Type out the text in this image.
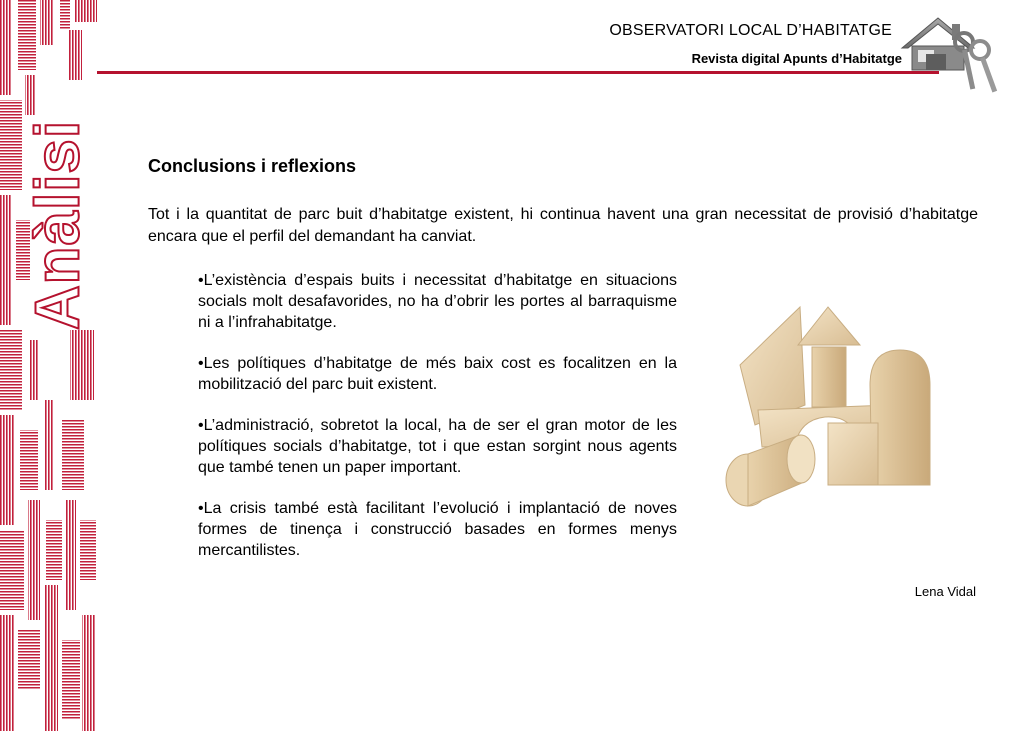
Anàlisi
OBSERVATORI LOCAL D’HABITATGE
Revista digital Apunts d’Habitatge
Conclusions i reflexions
Tot i la quantitat de parc buit d’habitatge existent, hi continua havent una gran necessitat de provisió d’habitatge encara que el perfil del demandant ha canviat.

•L’existència d’espais buits i necessitat d’habitatge en situacions socials molt desafavorides, no ha d’obrir les portes al barraquisme ni a l’infrahabitatge.

•Les polítiques d’habitatge de més baix cost es focalitzen en la mobilització del parc buit existent.

•L’administració, sobretot la local, ha de ser el gran motor de les polítiques socials d’habitatge, tot i que estan sorgint nous agents que també tenen un paper important.

•La crisis també està facilitant l’evolució i implantació de noves formes de tinença i construcció basades en formes menys mercantilistes.

Lena Vidal
